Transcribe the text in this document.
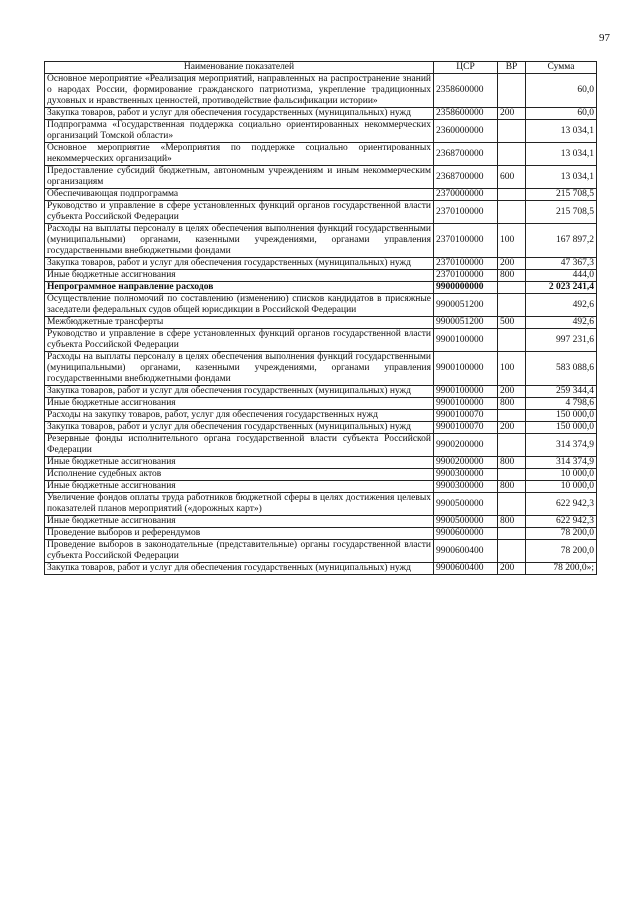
97
Наименование показателей	ЦСР	ВР	Сумма
Основное мероприятие «Реализация мероприятий, направленных на распространение знаний о народах России, формирование гражданского патриотизма, укрепление традиционных духовных и нравственных ценностей, противодействие фальсификации истории»	2358600000		60,0
Закупка товаров, работ и услуг для обеспечения государственных (муниципальных) нужд	2358600000	200	60,0
Подпрограмма «Государственная поддержка социально ориентированных некоммерческих организаций Томской области»	2360000000		13 034,1
Основное мероприятие «Мероприятия по поддержке социально ориентированных некоммерческих организаций»	2368700000		13 034,1
Предоставление субсидий бюджетным, автономным учреждениям и иным некоммерческим организациям	2368700000	600	13 034,1
Обеспечивающая подпрограмма	2370000000		215 708,5
Руководство и управление в сфере установленных функций органов государственной власти субъекта Российской Федерации	2370100000		215 708,5
Расходы на выплаты персоналу в целях обеспечения выполнения функций государственными (муниципальными) органами, казенными учреждениями, органами управления государственными внебюджетными фондами	2370100000	100	167 897,2
Закупка товаров, работ и услуг для обеспечения государственных (муниципальных) нужд	2370100000	200	47 367,3
Иные бюджетные ассигнования	2370100000	800	444,0
Непрограммное направление расходов	9900000000		2 023 241,4
Осуществление полномочий по составлению (изменению) списков кандидатов в присяжные заседатели федеральных судов общей юрисдикции в Российской Федерации	9900051200		492,6
Межбюджетные трансферты	9900051200	500	492,6
Руководство и управление в сфере установленных функций органов государственной власти субъекта Российской Федерации	9900100000		997 231,6
Расходы на выплаты персоналу в целях обеспечения выполнения функций государственными (муниципальными) органами, казенными учреждениями, органами управления государственными внебюджетными фондами	9900100000	100	583 088,6
Закупка товаров, работ и услуг для обеспечения государственных (муниципальных) нужд	9900100000	200	259 344,4
Иные бюджетные ассигнования	9900100000	800	4 798,6
Расходы на закупку товаров, работ, услуг для обеспечения государственных нужд	9900100070		150 000,0
Закупка товаров, работ и услуг для обеспечения государственных (муниципальных) нужд	9900100070	200	150 000,0
Резервные фонды исполнительного органа государственной власти субъекта Российской Федерации	9900200000		314 374,9
Иные бюджетные ассигнования	9900200000	800	314 374,9
Исполнение судебных актов	9900300000		10 000,0
Иные бюджетные ассигнования	9900300000	800	10 000,0
Увеличение фондов оплаты труда работников бюджетной сферы в целях достижения целевых показателей планов мероприятий («дорожных карт»)	9900500000		622 942,3
Иные бюджетные ассигнования	9900500000	800	622 942,3
Проведение выборов и референдумов	9900600000		78 200,0
Проведение выборов в законодательные (представительные) органы государственной власти субъекта Российской Федерации	9900600400		78 200,0
Закупка товаров, работ и услуг для обеспечения государственных (муниципальных) нужд	9900600400	200	78 200,0»;
